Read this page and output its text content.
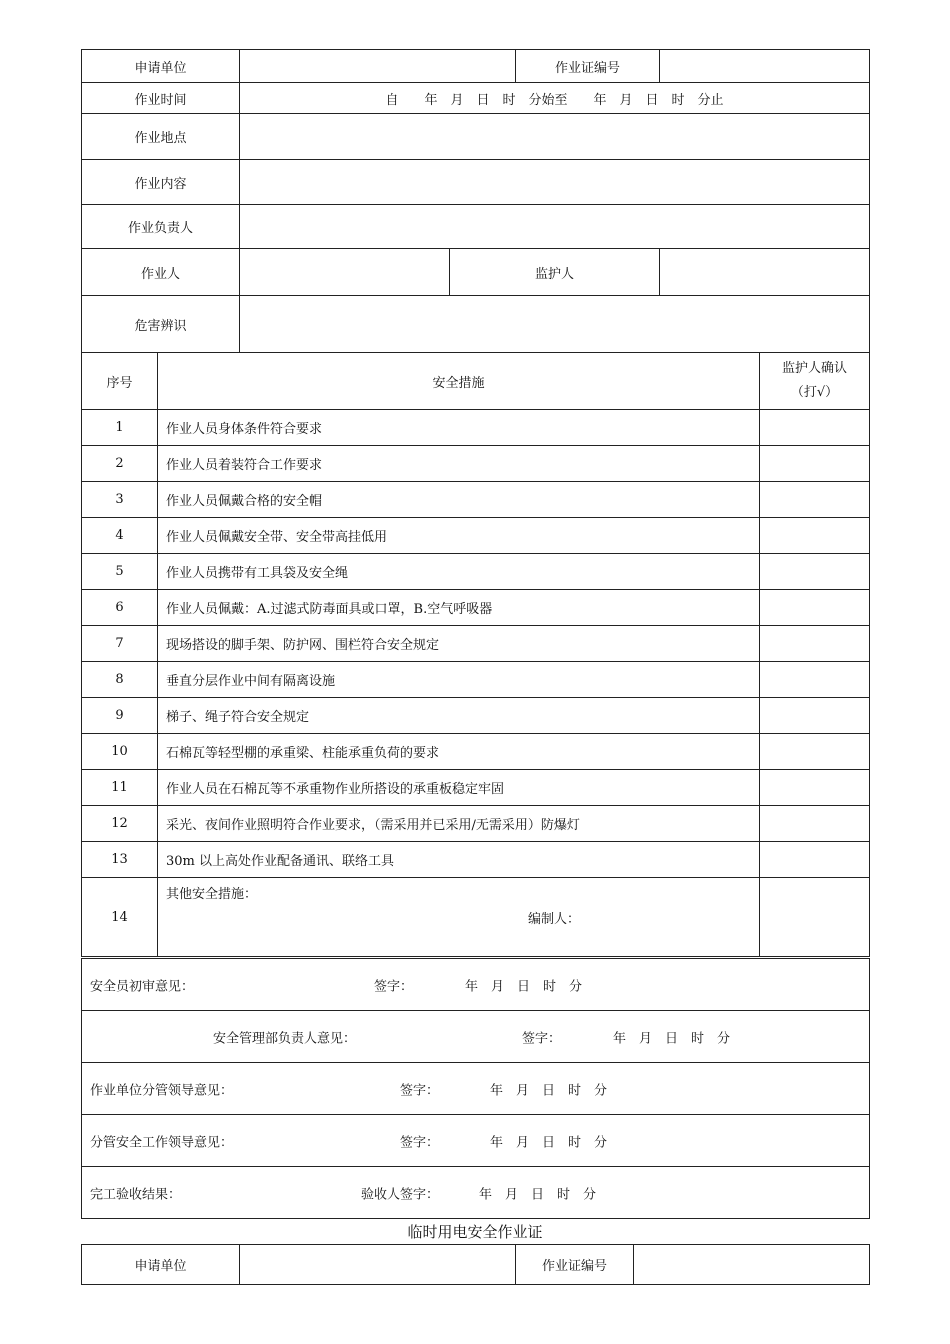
申请单位			作业证编号	
作业时间	自　　年　月　日　时　分始至　　年　月　日　时　分止			
作业地点				
作业内容				
作业负责人				
作业人		监护人		
危害辨识				
序号	安全措施	监护人确认
（打√）

1	作业人员身体条件符合要求	
2	作业人员着装符合工作要求	
3	作业人员佩戴合格的安全帽	
4	作业人员佩戴安全带、安全带高挂低用	
5	作业人员携带有工具袋及安全绳	
6	作业人员佩戴：A.过滤式防毒面具或口罩，B.空气呼吸器	
7	现场搭设的脚手架、防护网、围栏符合安全规定	
8	垂直分层作业中间有隔离设施	
9	梯子、绳子符合安全规定	
10	石棉瓦等轻型棚的承重梁、柱能承重负荷的要求	
11	作业人员在石棉瓦等不承重物作业所搭设的承重板稳定牢固	
12	采光、夜间作业照明符合作业要求，（需采用并已采用/无需采用）防爆灯	
13	30m 以上高处作业配备通讯、联络工具	
14	其他安全措施：
编制人：	

安全员初审意见：	签字：	年　月　日　时　分

安全管理部负责人意见：	签字：	年　月　日　时　分

作业单位分管领导意见：	签字：	年　月　日　时　分

分管安全工作领导意见：	签字：	年　月　日　时　分

完工验收结果：	验收人签字：	年　月　日　时　分
临时用电安全作业证
申请单位		作业证编号	
